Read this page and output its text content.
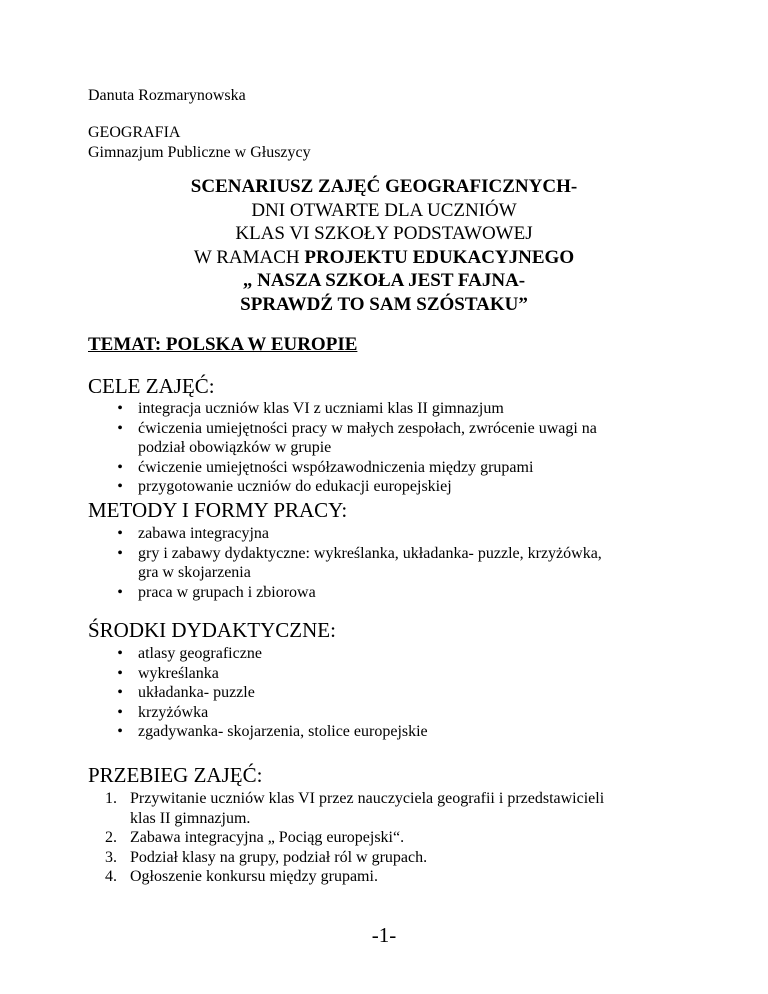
Danuta Rozmarynowska
GEOGRAFIA
Gimnazjum Publiczne w Głuszycy
SCENARIUSZ ZAJĘĆ GEOGRAFICZNYCH-
DNI OTWARTE DLA UCZNIÓW
KLAS VI SZKOŁY PODSTAWOWEJ
W RAMACH PROJEKTU EDUKACYJNEGO
„ NASZA SZKOŁA JEST FAJNA-
SPRAWDŹ TO SAM SZÓSTAKU”
TEMAT: POLSKA W EUROPIE
CELE ZAJĘĆ:
• integracja uczniów klas VI z uczniami klas II gimnazjum
• ćwiczenia umiejętności pracy w małych zespołach, zwrócenie uwagi na
podział obowiązków w grupie
• ćwiczenie umiejętności współzawodniczenia między grupami
• przygotowanie uczniów do edukacji europejskiej
METODY I FORMY PRACY:
• zabawa integracyjna
• gry i zabawy dydaktyczne: wykreślanka, układanka- puzzle, krzyżówka,
gra w skojarzenia
• praca w grupach i zbiorowa
ŚRODKI DYDAKTYCZNE:
• atlasy geograficzne
• wykreślanka
• układanka- puzzle
• krzyżówka
• zgadywanka- skojarzenia, stolice europejskie
PRZEBIEG ZAJĘĆ:
1. Przywitanie uczniów klas VI przez nauczyciela geografii i przedstawicieli
klas II gimnazjum.
2. Zabawa integracyjna „ Pociąg europejski“.
3. Podział klasy na grupy, podział ról w grupach.
4. Ogłoszenie konkursu między grupami.
-1-
